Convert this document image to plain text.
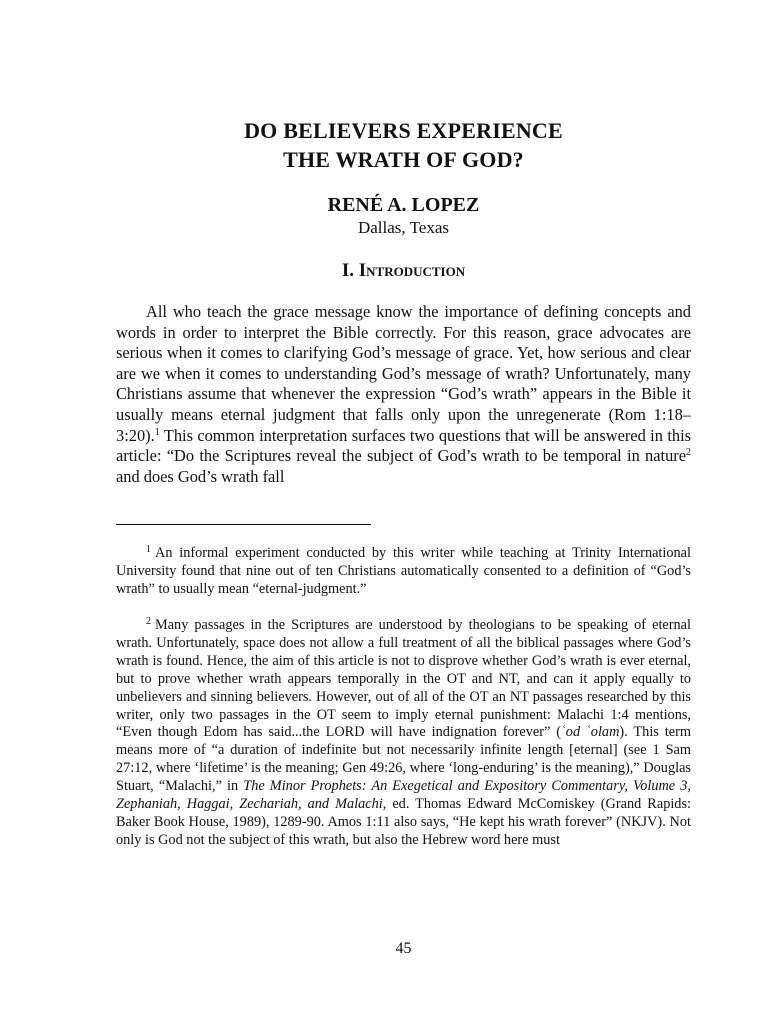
DO BELIEVERS EXPERIENCE
THE WRATH OF GOD?

RENÉ A. LOPEZ

Dallas, Texas

I. Introduction

All who teach the grace message know the importance of defining concepts and words in order to interpret the Bible correctly. For this reason, grace advocates are serious when it comes to clarifying God’s message of grace. Yet, how serious and clear are we when it comes to understanding God’s message of wrath? Unfortunately, many Christians assume that whenever the expression “God’s wrath” appears in the Bible it usually means eternal judgment that falls only upon the unregenerate (Rom 1:18–3:20).$^1$ This common interpretation surfaces two questions that will be answered in this article: “Do the Scriptures reveal the subject of God’s wrath to be temporal in nature$^2$ and does God’s wrath fall

$^1$ An informal experiment conducted by this writer while teaching at Trinity International University found that nine out of ten Christians automatically consented to a definition of “God’s wrath” to usually mean “eternal-judgment.”

$^2$ Many passages in the Scriptures are understood by theologians to be speaking of eternal wrath. Unfortunately, space does not allow a full treatment of all the biblical passages where God’s wrath is found. Hence, the aim of this article is not to disprove whether God’s wrath is ever eternal, but to prove whether wrath appears temporally in the OT and NT, and can it apply equally to unbelievers and sinning believers. However, out of all of the OT an NT passages researched by this writer, only two passages in the OT seem to imply eternal punishment: Malachi 1:4 mentions, “Even though Edom has said...the LORD will have indignation forever” (ʿod ʿolam). This term means more of “a duration of indefinite but not necessarily infinite length [eternal] (see 1 Sam 27:12, where ‘lifetime’ is the meaning; Gen 49:26, where ‘long-enduring’ is the meaning),” Douglas Stuart, “Malachi,” in The Minor Prophets: An Exegetical and Expository Commentary, Volume 3, Zephaniah, Haggai, Zechariah, and Malachi, ed. Thomas Edward McComiskey (Grand Rapids: Baker Book House, 1989), 1289-90. Amos 1:11 also says, “He kept his wrath forever” (NKJV). Not only is God not the subject of this wrath, but also the Hebrew word here must

45
